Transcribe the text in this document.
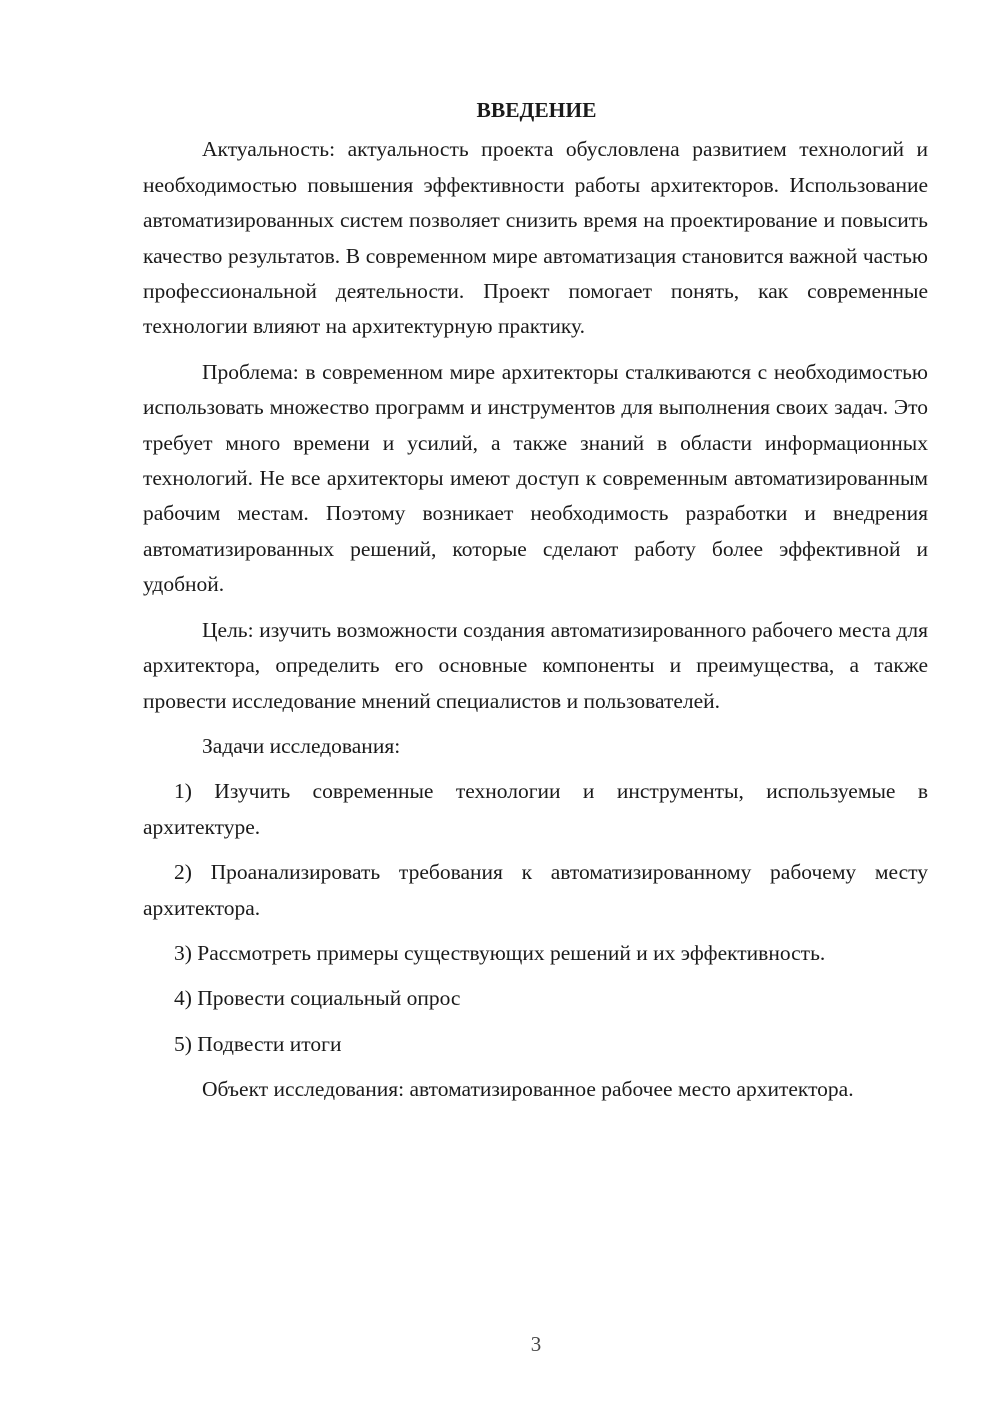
ВВЕДЕНИЕ

Актуальность: актуальность проекта обусловлена развитием технологий и необходимостью повышения эффективности работы архитекторов. Использование автоматизированных систем позволяет снизить время на проектирование и повысить качество результатов. В современном мире автоматизация становится важной частью профессиональной деятельности. Проект помогает понять, как современные технологии влияют на архитектурную практику.

Проблема: в современном мире архитекторы сталкиваются с необходимостью использовать множество программ и инструментов для выполнения своих задач. Это требует много времени и усилий, а также знаний в области информационных технологий. Не все архитекторы имеют доступ к современным автоматизированным рабочим местам. Поэтому возникает необходимость разработки и внедрения автоматизированных решений, которые сделают работу более эффективной и удобной.

Цель: изучить возможности создания автоматизированного рабочего места для архитектора, определить его основные компоненты и преимущества, а также провести исследование мнений специалистов и пользователей.

Задачи исследования:

1) Изучить современные технологии и инструменты, используемые в архитектуре.

2) Проанализировать требования к автоматизированному рабочему месту архитектора.

3) Рассмотреть примеры существующих решений и их эффективность.

4) Провести социальный опрос

5) Подвести итоги

Объект исследования: автоматизированное рабочее место архитектора.

3
